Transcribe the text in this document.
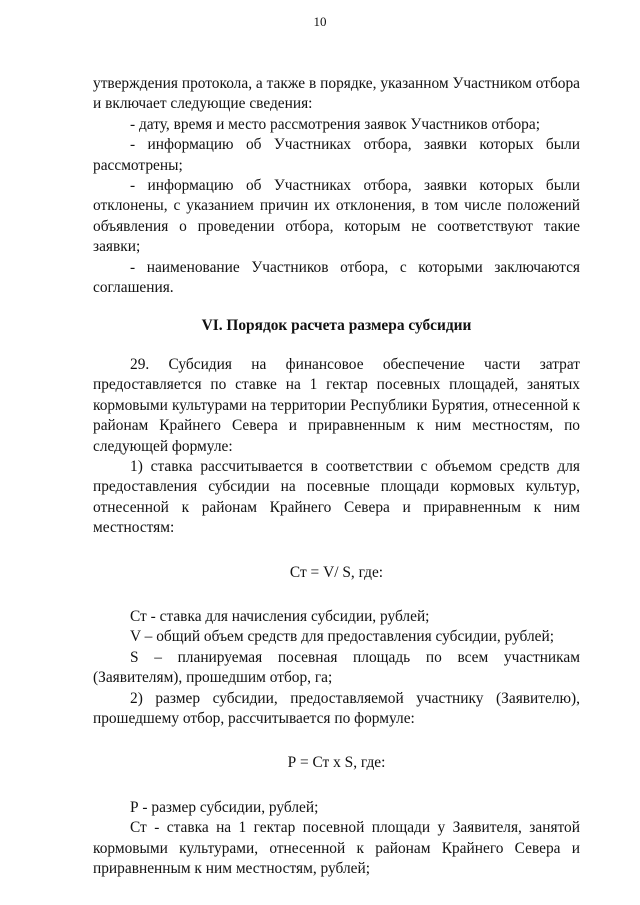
10

утверждения протокола, а также в порядке, указанном Участником отбора и включает следующие сведения:

- дату, время и место рассмотрения заявок Участников отбора;

- информацию об Участниках отбора, заявки которых были рассмотрены;

- информацию об Участниках отбора, заявки которых были отклонены, с указанием причин их отклонения, в том числе положений объявления о проведении отбора, которым не соответствуют такие заявки;

- наименование Участников отбора, с которыми заключаются соглашения.

VI. Порядок расчета размера субсидии

29. Субсидия на финансовое обеспечение части затрат предоставляется по ставке на 1 гектар посевных площадей, занятых кормовыми культурами на территории Республики Бурятия, отнесенной к районам Крайнего Севера и приравненным к ним местностям, по следующей формуле:

1) ставка рассчитывается в соответствии с объемом средств для предоставления субсидии на посевные площади кормовых культур, отнесенной к районам Крайнего Севера и приравненным к ним местностям:

Ст = V/ S, где:

Ст - ставка для начисления субсидии, рублей;

V – общий объем средств для предоставления субсидии, рублей;

S – планируемая посевная площадь по всем участникам (Заявителям), прошедшим отбор, га;

2) размер субсидии, предоставляемой участнику (Заявителю), прошедшему отбор, рассчитывается по формуле:

Р = Ст х S, где:

Р - размер субсидии, рублей;

Ст - ставка на 1 гектар посевной площади у Заявителя, занятой кормовыми культурами, отнесенной к районам Крайнего Севера и приравненным к ним местностям, рублей;
